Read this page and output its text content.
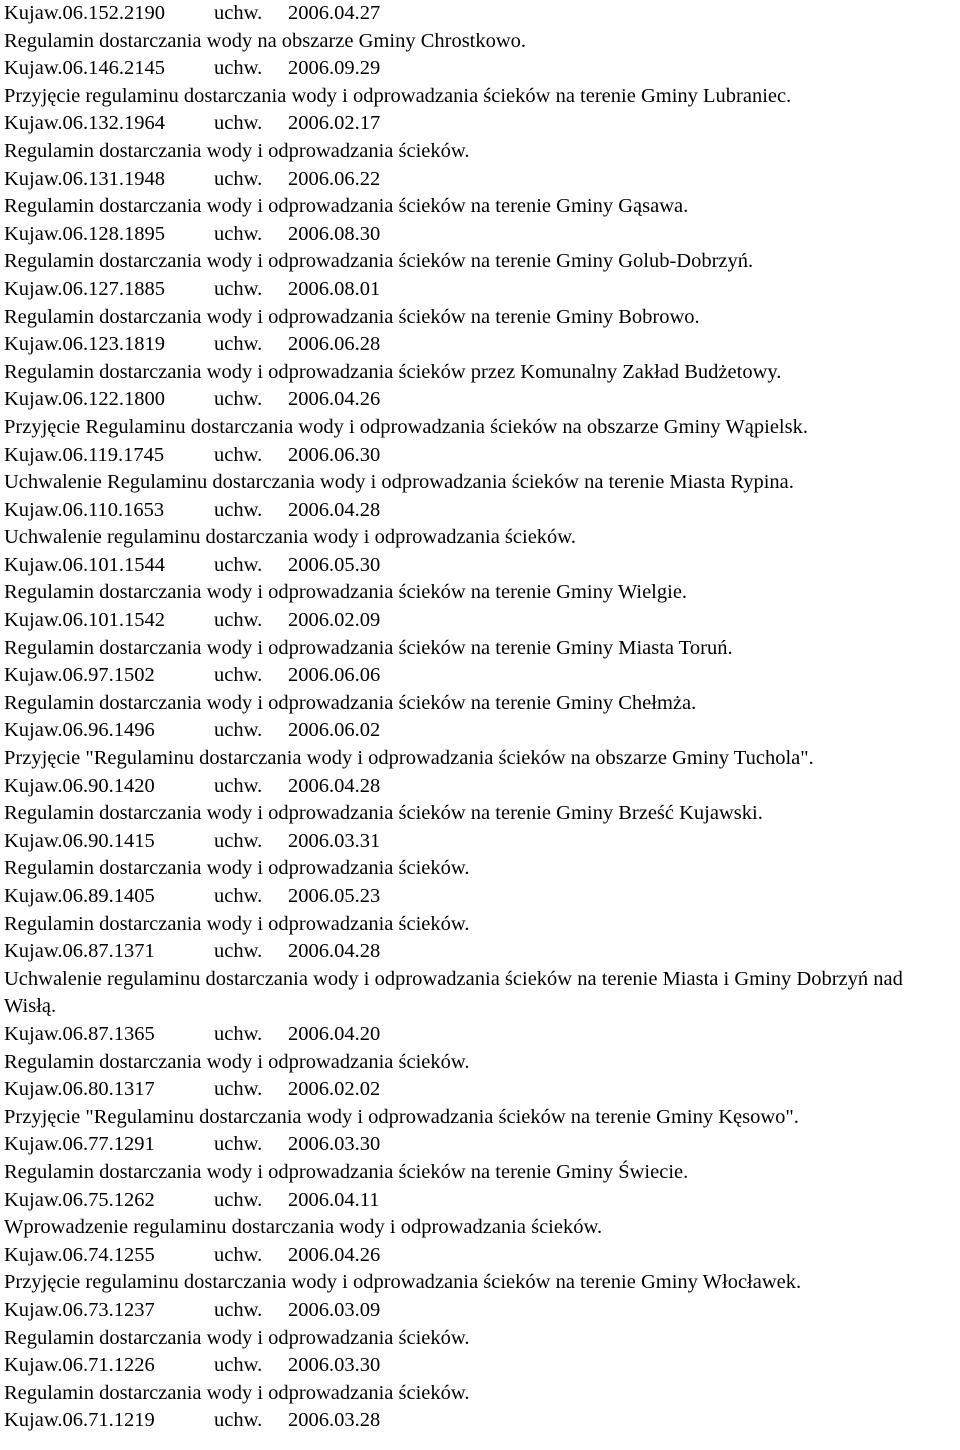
Kujaw.06.152.2190 uchw. 2006.04.27
Regulamin dostarczania wody na obszarze Gminy Chrostkowo.
Kujaw.06.146.2145 uchw. 2006.09.29
Przyjęcie regulaminu dostarczania wody i odprowadzania ścieków na terenie Gminy Lubraniec.
Kujaw.06.132.1964 uchw. 2006.02.17
Regulamin dostarczania wody i odprowadzania ścieków.
Kujaw.06.131.1948 uchw. 2006.06.22
Regulamin dostarczania wody i odprowadzania ścieków na terenie Gminy Gąsawa.
Kujaw.06.128.1895 uchw. 2006.08.30
Regulamin dostarczania wody i odprowadzania ścieków na terenie Gminy Golub-Dobrzyń.
Kujaw.06.127.1885 uchw. 2006.08.01
Regulamin dostarczania wody i odprowadzania ścieków na terenie Gminy Bobrowo.
Kujaw.06.123.1819 uchw. 2006.06.28
Regulamin dostarczania wody i odprowadzania ścieków przez Komunalny Zakład Budżetowy.
Kujaw.06.122.1800 uchw. 2006.04.26
Przyjęcie Regulaminu dostarczania wody i odprowadzania ścieków na obszarze Gminy Wąpielsk.
Kujaw.06.119.1745 uchw. 2006.06.30
Uchwalenie Regulaminu dostarczania wody i odprowadzania ścieków na terenie Miasta Rypina.
Kujaw.06.110.1653 uchw. 2006.04.28
Uchwalenie regulaminu dostarczania wody i odprowadzania ścieków.
Kujaw.06.101.1544 uchw. 2006.05.30
Regulamin dostarczania wody i odprowadzania ścieków na terenie Gminy Wielgie.
Kujaw.06.101.1542 uchw. 2006.02.09
Regulamin dostarczania wody i odprowadzania ścieków na terenie Gminy Miasta Toruń.
Kujaw.06.97.1502	uchw. 2006.06.06
Regulamin dostarczania wody i odprowadzania ścieków na terenie Gminy Chełmża.
Kujaw.06.96.1496	uchw. 2006.06.02
Przyjęcie "Regulaminu dostarczania wody i odprowadzania ścieków na obszarze Gminy Tuchola".
Kujaw.06.90.1420	uchw. 2006.04.28
Regulamin dostarczania wody i odprowadzania ścieków na terenie Gminy Brześć Kujawski.
Kujaw.06.90.1415	uchw. 2006.03.31
Regulamin dostarczania wody i odprowadzania ścieków.
Kujaw.06.89.1405	uchw. 2006.05.23
Regulamin dostarczania wody i odprowadzania ścieków.
Kujaw.06.87.1371	uchw. 2006.04.28
Uchwalenie regulaminu dostarczania wody i odprowadzania ścieków na terenie Miasta i Gminy Dobrzyń nad Wisłą.
Kujaw.06.87.1365	uchw. 2006.04.20
Regulamin dostarczania wody i odprowadzania ścieków.
Kujaw.06.80.1317	uchw. 2006.02.02
Przyjęcie "Regulaminu dostarczania wody i odprowadzania ścieków na terenie Gminy Kęsowo".
Kujaw.06.77.1291	uchw. 2006.03.30
Regulamin dostarczania wody i odprowadzania ścieków na terenie Gminy Świecie.
Kujaw.06.75.1262	uchw. 2006.04.11
Wprowadzenie regulaminu dostarczania wody i odprowadzania ścieków.
Kujaw.06.74.1255	uchw. 2006.04.26
Przyjęcie regulaminu dostarczania wody i odprowadzania ścieków na terenie Gminy Włocławek.
Kujaw.06.73.1237	uchw. 2006.03.09
Regulamin dostarczania wody i odprowadzania ścieków.
Kujaw.06.71.1226	uchw. 2006.03.30
Regulamin dostarczania wody i odprowadzania ścieków.
Kujaw.06.71.1219	uchw. 2006.03.28
